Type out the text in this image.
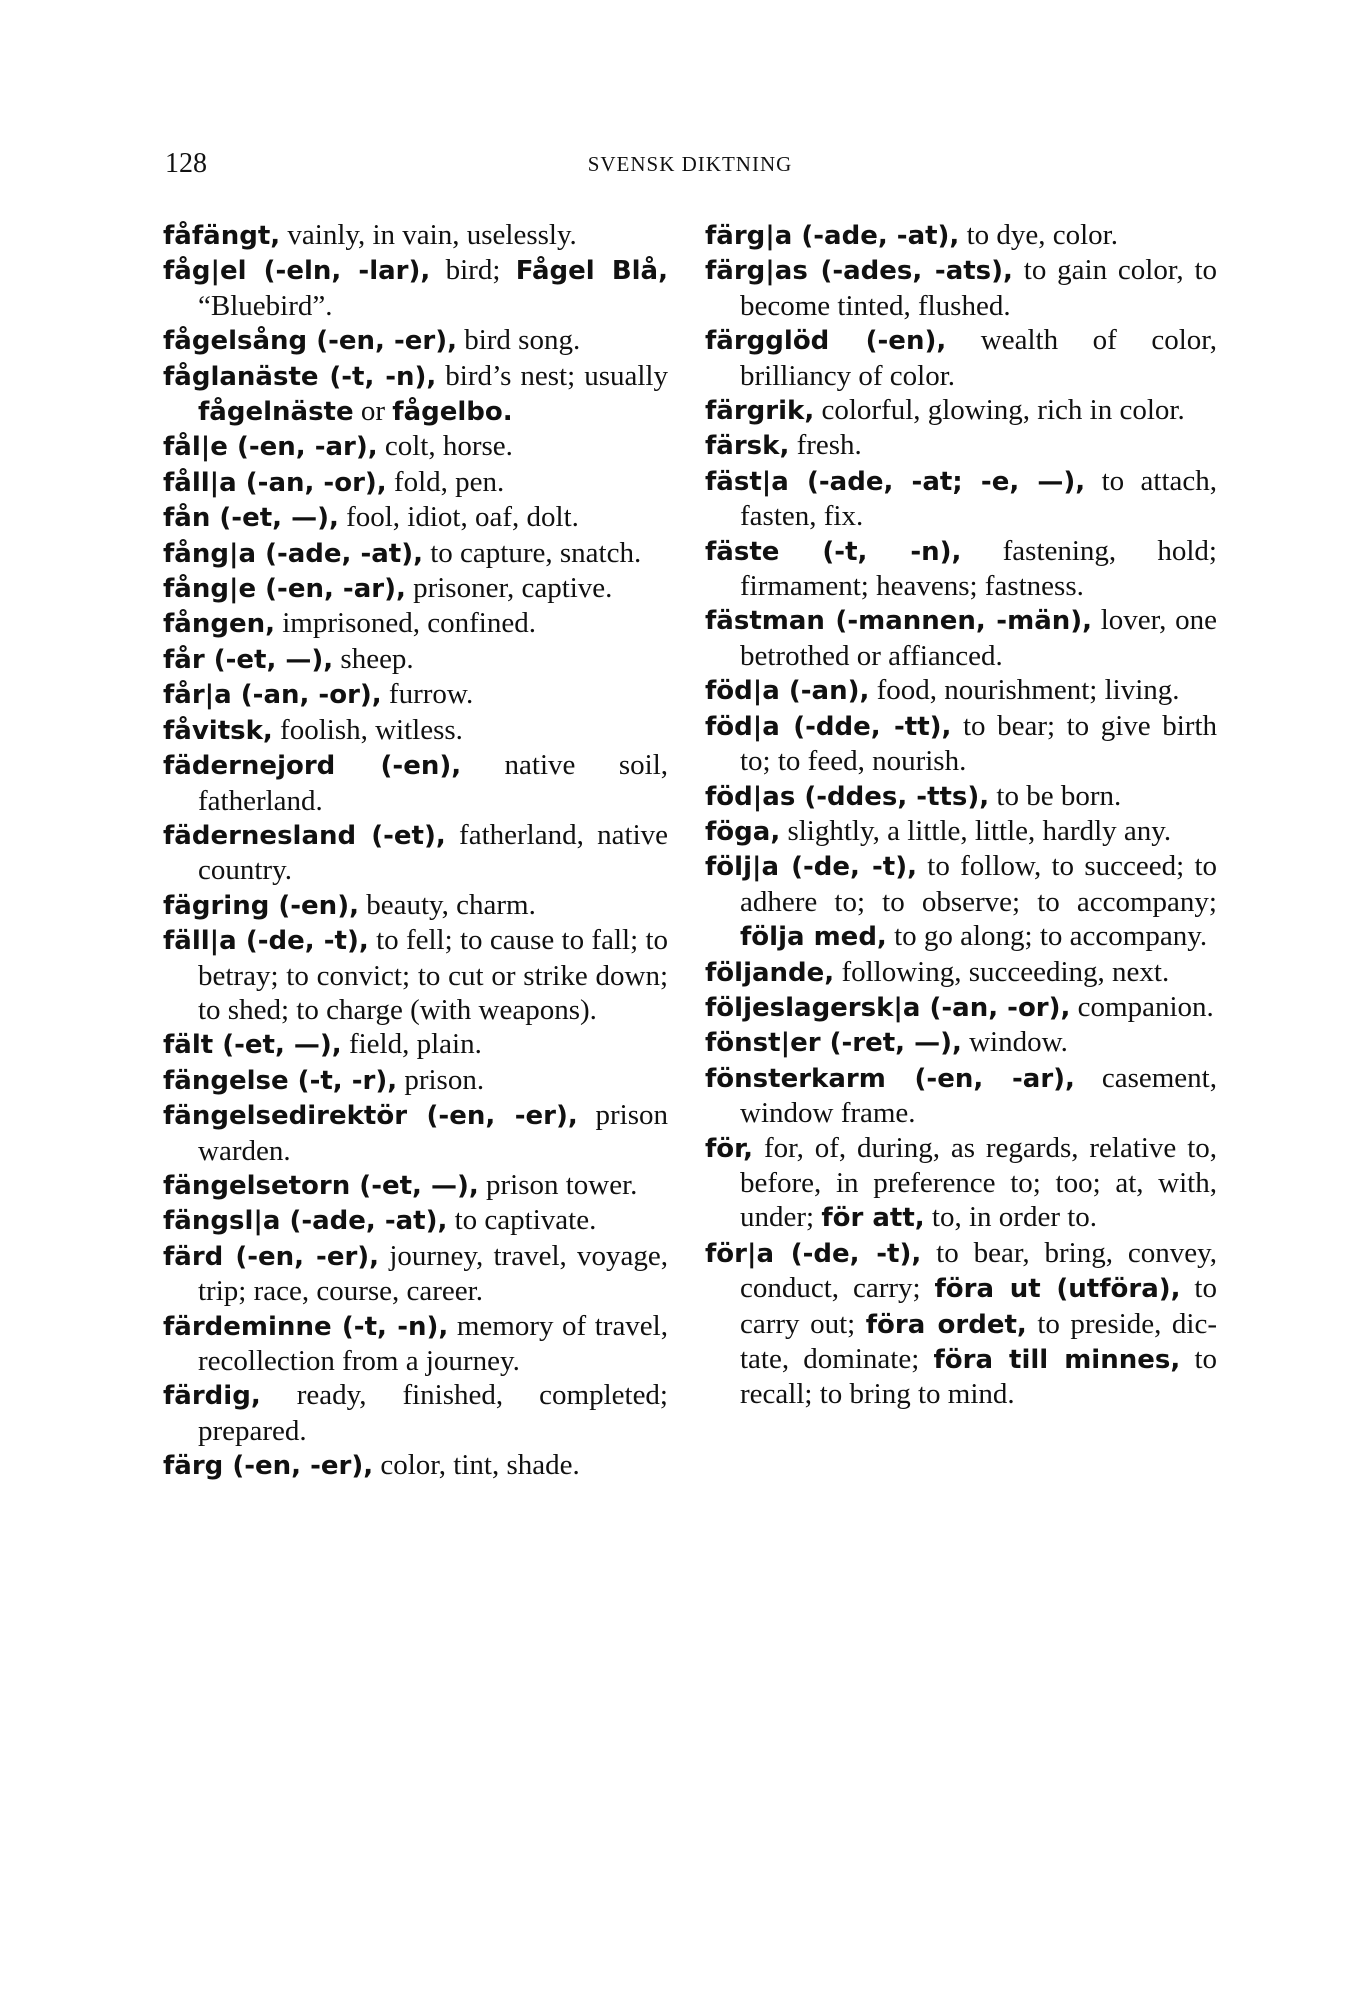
128	SVENSK DIKTNING
fåfängt, vainly, in vain, uselessly.
fåg|el (-eln, -lar), bird; Fågel Blå, “Bluebird”.
fågelsång (-en, -er), bird song.
fåglanäste (-t, -n), bird’s nest; usually fågelnäste or fågelbo.
fål|e (-en, -ar), colt, horse.
fåll|a (-an, -or), fold, pen.
fån (-et, —), fool, idiot, oaf, dolt.
fång|a (-ade, -at), to capture, snatch.
fång|e (-en, -ar), prisoner, captive.
fången, imprisoned, confined.
får (-et, —), sheep.
får|a (-an, -or), furrow.
fåvitsk, foolish, witless.
fädernejord (-en), native soil, fatherland.
fädernesland (-et), fatherland, native country.
fägring (-en), beauty, charm.
fäll|a (-de, -t), to fell; to cause to fall; to betray; to convict; to cut or strike down; to shed; to charge (with weapons).
fält (-et, —), field, plain.
fängelse (-t, -r), prison.
fängelsedirektör (-en, -er), prison warden.
fängelsetorn (-et, —), prison tower.
fängsl|a (-ade, -at), to captivate.
färd (-en, -er), journey, travel, voyage, trip; race, course, career.
färdeminne (-t, -n), memory of travel, recollection from a journey.
färdig, ready, finished, completed; prepared.
färg (-en, -er), color, tint, shade.
färg|a (-ade, -at), to dye, color.
färg|as (-ades, -ats), to gain color, to become tinted, flushed.
färgglöd (-en), wealth of color, brilliancy of color.
färgrik, colorful, glowing, rich in color.
färsk, fresh.
fäst|a (-ade, -at; -e, —), to attach, fasten, fix.
fäste (-t, -n), fastening, hold; firmament; heavens; fastness.
fästman (-mannen, -män), lover, one betrothed or affianced.
föd|a (-an), food, nourishment; living.
föd|a (-dde, -tt), to bear; to give birth to; to feed, nourish.
föd|as (-ddes, -tts), to be born.
föga, slightly, a little, little, hardly any.
följ|a (-de, -t), to follow, to succeed; to adhere to; to observe; to accompany; följa med, to go along; to accompany.
följande, following, succeeding, next.
följeslagersk|a (-an, -or), companion.
fönst|er (-ret, —), window.
fönsterkarm (-en, -ar), casement, window frame.
för, for, of, during, as regards, relative to, before, in preference to; too; at, with, under; för att, to, in order to.
för|a (-de, -t), to bear, bring, convey, conduct, carry; föra ut (utföra), to carry out; föra ordet, to preside, dictate, dominate; föra till minnes, to recall; to bring to mind.
